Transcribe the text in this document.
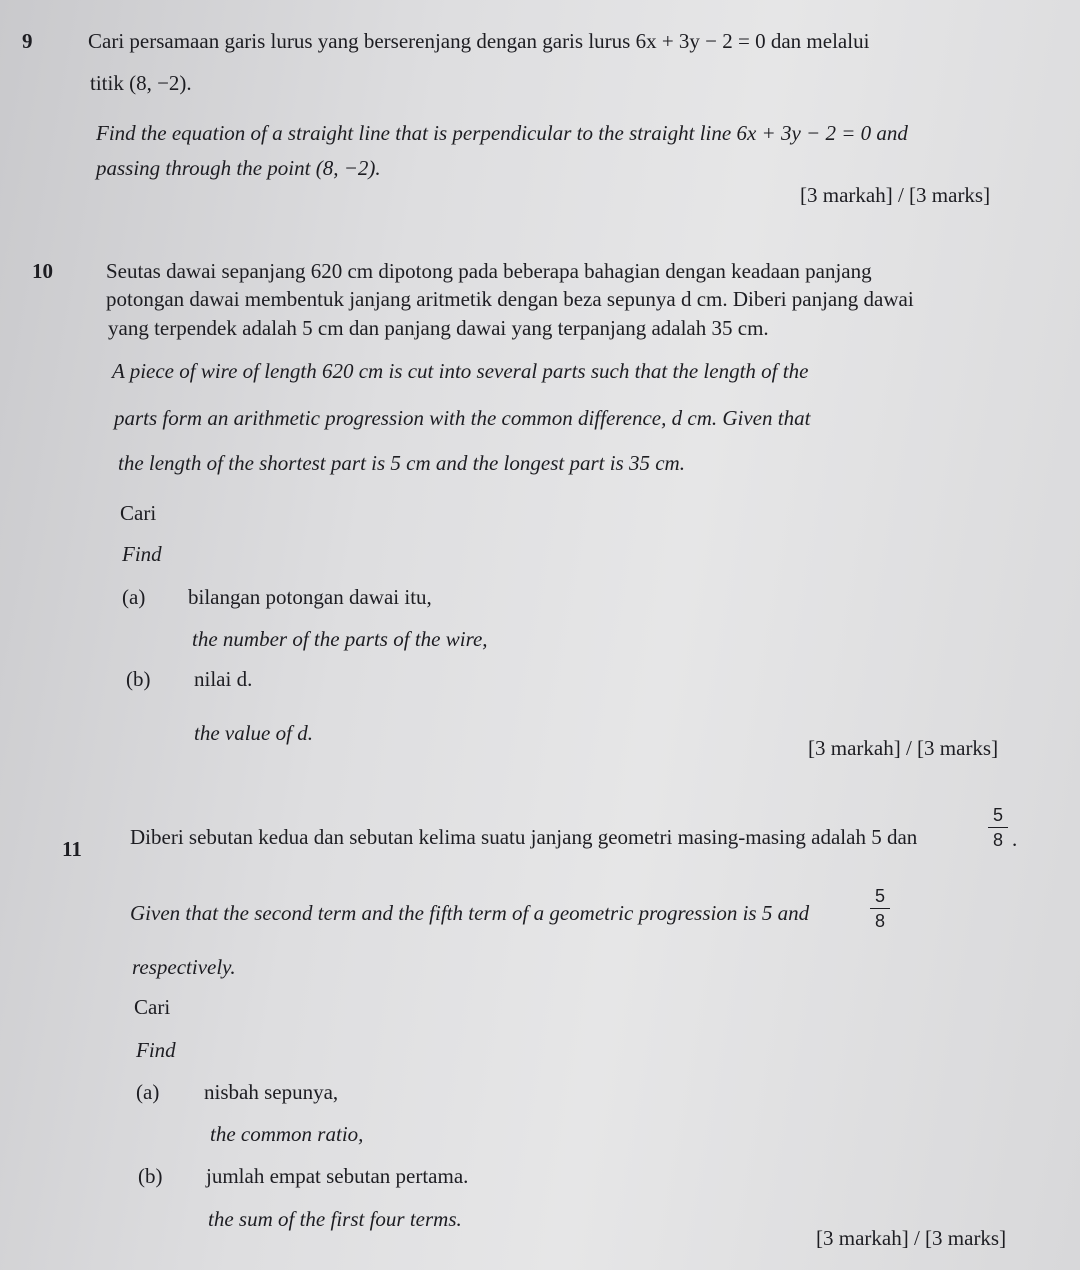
9	Cari persamaan garis lurus yang berserenjang dengan garis lurus 6x + 3y − 2 = 0 dan melalui
titik (8, −2).
Find the equation of a straight line that is perpendicular to the straight line 6x + 3y − 2 = 0 and
passing through the point (8, −2).
[3 markah] / [3 marks]
10	Seutas dawai sepanjang 620 cm dipotong pada beberapa bahagian dengan keadaan panjang
potongan dawai membentuk janjang aritmetik dengan beza sepunya d cm. Diberi panjang dawai
yang terpendek adalah 5 cm dan panjang dawai yang terpanjang adalah 35 cm.
A piece of wire of length 620 cm is cut into several parts such that the length of the
parts form an arithmetic progression with the common difference, d cm. Given that
the length of the shortest part is 5 cm and the longest part is 35 cm.
Cari
Find
(a) bilangan potongan dawai itu,
the number of the parts of the wire,
(b) nilai d.
the value of d.
[3 markah] / [3 marks]
11 Diberi sebutan kedua dan sebutan kelima suatu janjang geometri masing-masing adalah 5 dan	$\frac{5}{8}$ .
Given that the second term and the fifth term of a geometric progression is 5 and	$\frac{5}{8}$
respectively.
Cari
Find
(a) nisbah sepunya,
the common ratio,
(b) jumlah empat sebutan pertama.
the sum of the first four terms.
[3 markah] / [3 marks]
